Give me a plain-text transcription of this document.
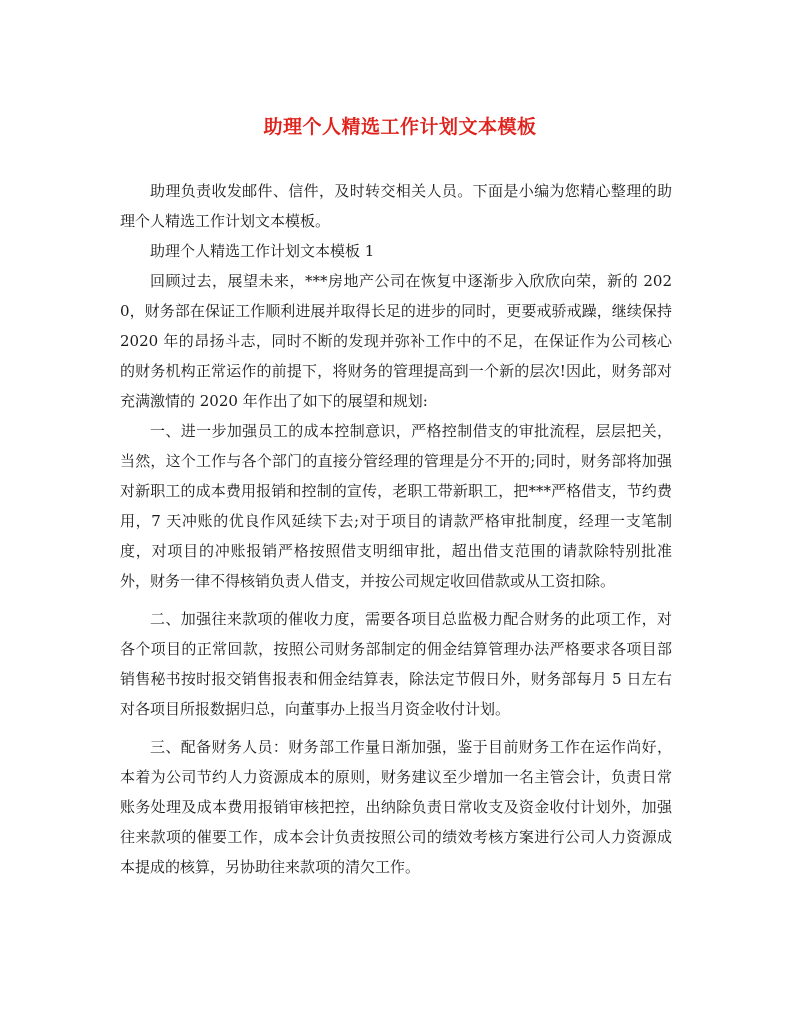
助理个人精选工作计划文本模板

助理负责收发邮件、信件，及时转交相关人员。下面是小编为您精心整理的助理个人精选工作计划文本模板。

助理个人精选工作计划文本模板 1

回顾过去，展望未来，***房地产公司在恢复中逐渐步入欣欣向荣，新的 2020，财务部在保证工作顺利进展并取得长足的进步的同时，更要戒骄戒躁，继续保持 2020 年的昂扬斗志，同时不断的发现并弥补工作中的不足，在保证作为公司核心的财务机构正常运作的前提下，将财务的管理提高到一个新的层次!因此，财务部对充满激情的 2020 年作出了如下的展望和规划:

一、进一步加强员工的成本控制意识，严格控制借支的审批流程，层层把关，当然，这个工作与各个部门的直接分管经理的管理是分不开的;同时，财务部将加强对新职工的成本费用报销和控制的宣传，老职工带新职工，把***严格借支，节约费用，7 天冲账的优良作风延续下去;对于项目的请款严格审批制度，经理一支笔制度，对项目的冲账报销严格按照借支明细审批，超出借支范围的请款除特别批准外，财务一律不得核销负责人借支，并按公司规定收回借款或从工资扣除。

二、加强往来款项的催收力度，需要各项目总监极力配合财务的此项工作，对各个项目的正常回款，按照公司财务部制定的佣金结算管理办法严格要求各项目部销售秘书按时报交销售报表和佣金结算表，除法定节假日外，财务部每月 5 日左右对各项目所报数据归总，向董事办上报当月资金收付计划。

三、配备财务人员：财务部工作量日渐加强，鉴于目前财务工作在运作尚好，本着为公司节约人力资源成本的原则，财务建议至少增加一名主管会计，负责日常账务处理及成本费用报销审核把控，出纳除负责日常收支及资金收付计划外，加强往来款项的催要工作，成本会计负责按照公司的绩效考核方案进行公司人力资源成本提成的核算，另协助往来款项的清欠工作。
